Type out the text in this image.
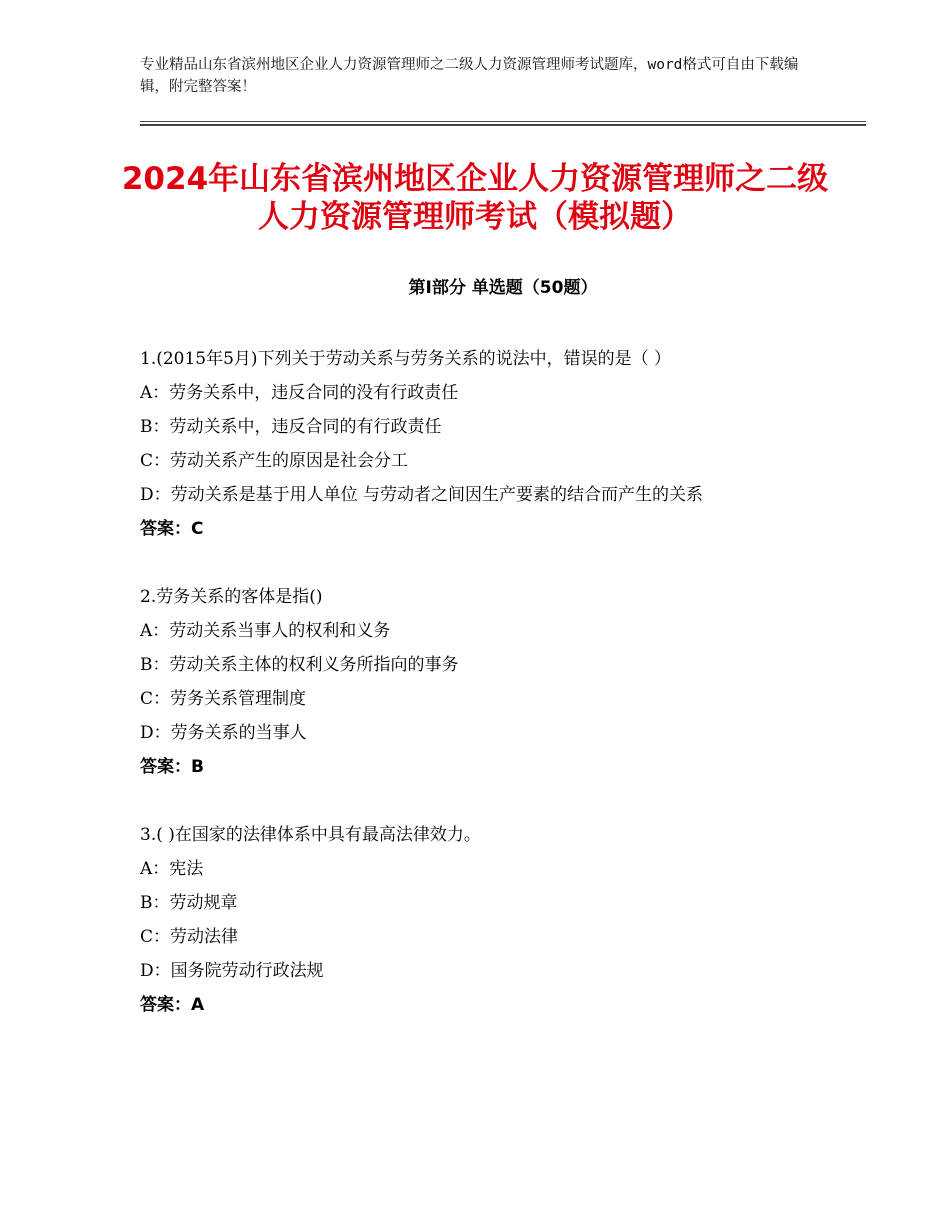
专业精品山东省滨州地区企业人力资源管理师之二级人力资源管理师考试题库，word格式可自由下载编辑，附完整答案！
2024年山东省滨州地区企业人力资源管理师之二级人力资源管理师考试（模拟题）
第Ⅰ部分 单选题（50题）
1.(2015年5月)下列关于劳动关系与劳务关系的说法中，错误的是（ ）
A：劳务关系中，违反合同的没有行政责任
B：劳动关系中，违反合同的有行政责任
C：劳动关系产生的原因是社会分工
D：劳动关系是基于用人单位 与劳动者之间因生产要素的结合而产生的关系
答案：C
2.劳务关系的客体是指()
A：劳动关系当事人的权利和义务
B：劳动关系主体的权利义务所指向的事务
C：劳务关系管理制度
D：劳务关系的当事人
答案：B
3.( )在国家的法律体系中具有最高法律效力。
A：宪法
B：劳动规章
C：劳动法律
D：国务院劳动行政法规
答案：A
